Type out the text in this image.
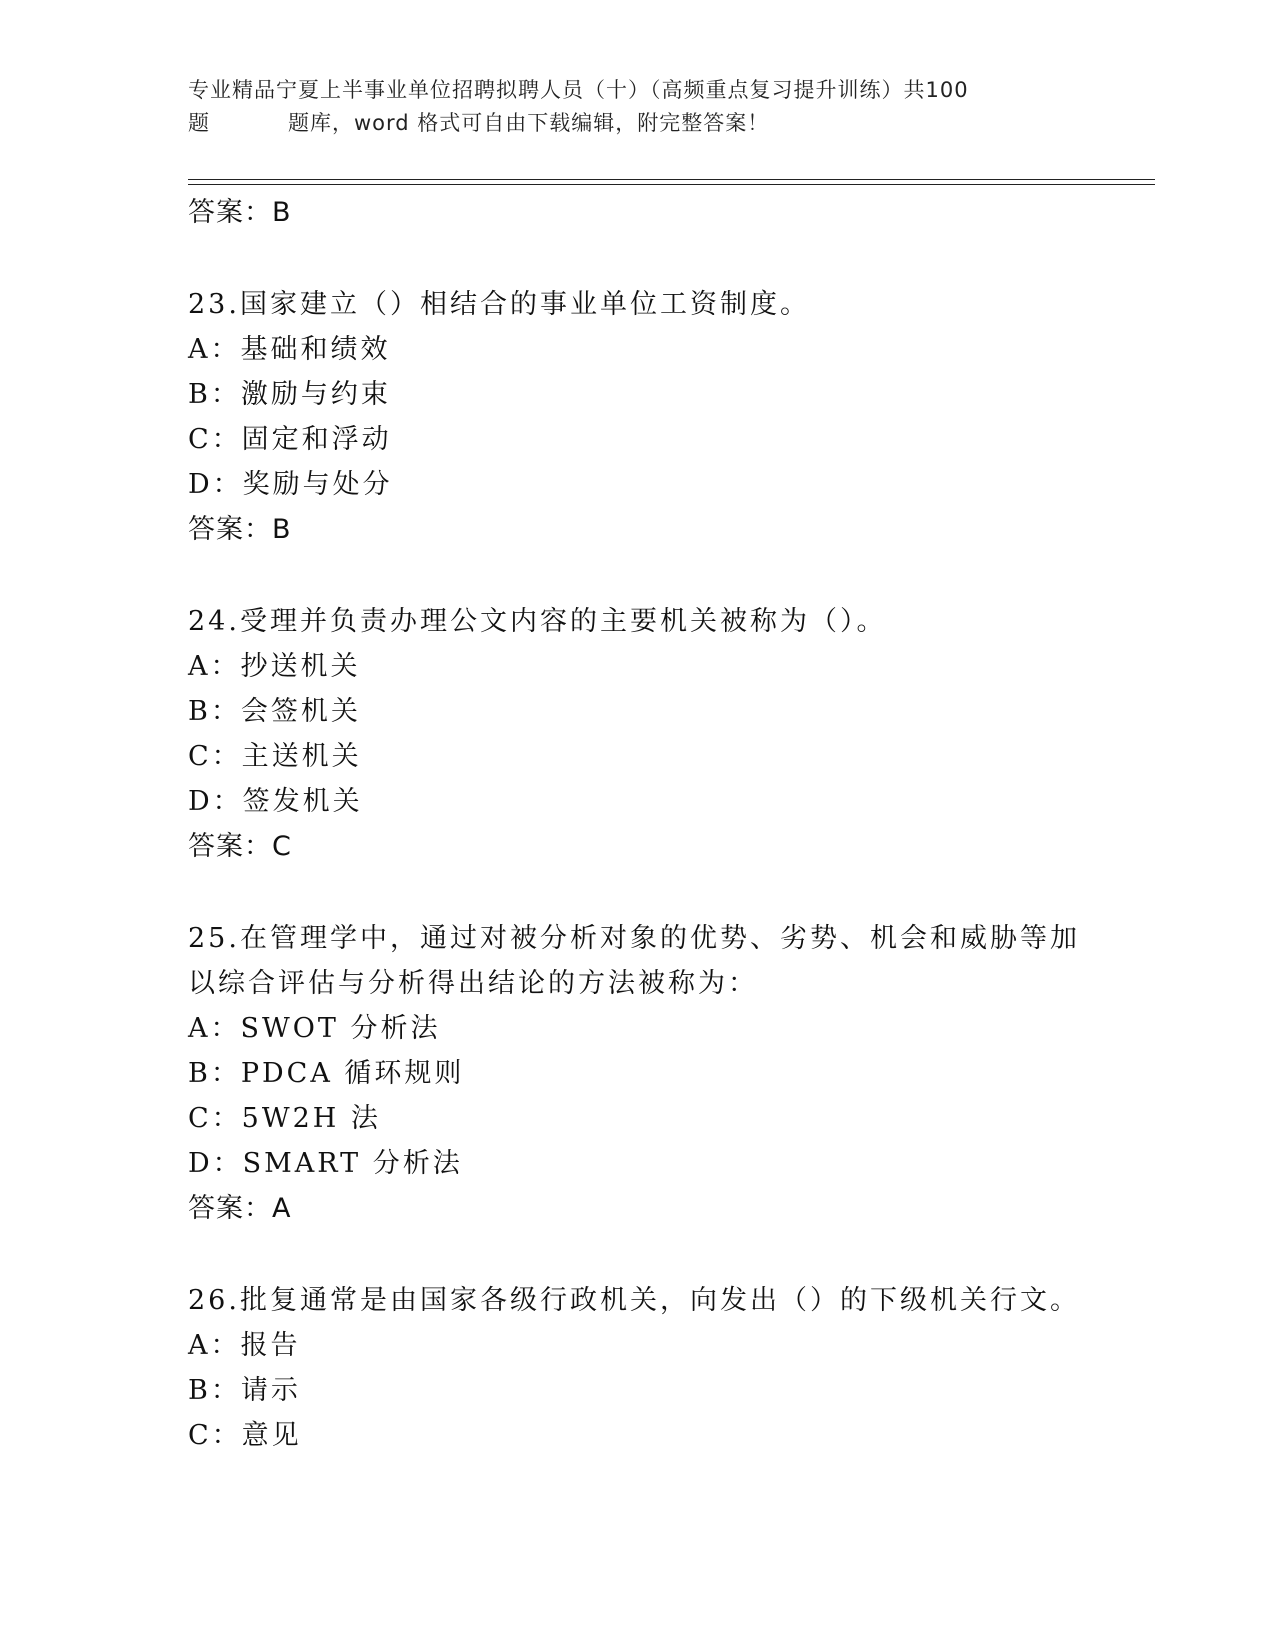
专业精品宁夏上半事业单位招聘拟聘人员（十）（高频重点复习提升训练）共100
题	题库，word 格式可自由下载编辑，附完整答案！
答案：B
23.国家建立（）相结合的事业单位工资制度。
A：基础和绩效
B：激励与约束
C：固定和浮动
D：奖励与处分
答案：B
24.受理并负责办理公文内容的主要机关被称为（）。
A：抄送机关
B：会签机关
C：主送机关
D：签发机关
答案：C
25.在管理学中，通过对被分析对象的优势、劣势、机会和威胁等加以综合评估与分析得出结论的方法被称为：
A：SWOT 分析法
B：PDCA 循环规则
C：5W2H 法
D：SMART 分析法
答案：A
26.批复通常是由国家各级行政机关，向发出（）的下级机关行文。
A：报告
B：请示
C：意见
